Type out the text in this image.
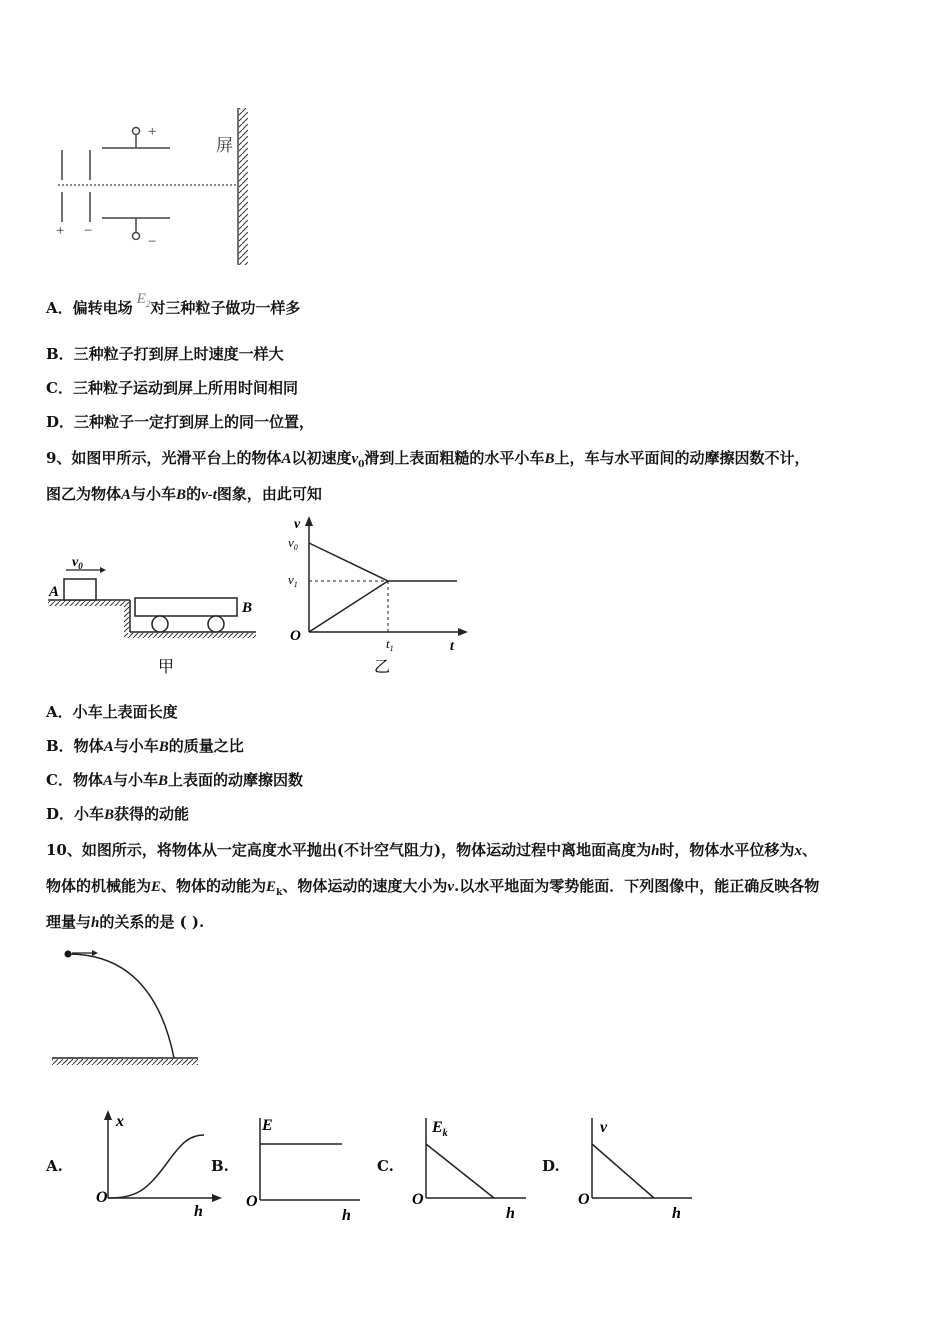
+
−
+ −
屏
A．偏转电场 $E_2$对三种粒子做功一样多
B．三种粒子打到屏上时速度一样大
C．三种粒子运动到屏上所用时间相同
D．三种粒子一定打到屏上的同一位置，
9、如图甲所示，光滑平台上的物体A以初速度$v_0$滑到上表面粗糙的水平小车B上，车与水平面间的动摩擦因数不计，
图乙为物体A与小车B的v-t图象，由此可知
$v_0$
A
B
甲
v
$v_0$
$v_1$
O	$t_1$	t
乙
A．小车上表面长度
B．物体A与小车B的质量之比
C．物体A与小车B上表面的动摩擦因数
D．小车B获得的动能
10、如图所示，将物体从一定高度水平抛出(不计空气阻力)，物体运动过程中离地面高度为h时，物体水平位移为x、
物体的机械能为E、物体的动能为$E_k$、物体运动的速度大小为v.以水平地面为零势能面．下列图像中，能正确反映各物
理量与h的关系的是 ( ).
A.
x
O
h
B.
E
O
h
C.
$E_k$
O
h
D.
v
O
h
